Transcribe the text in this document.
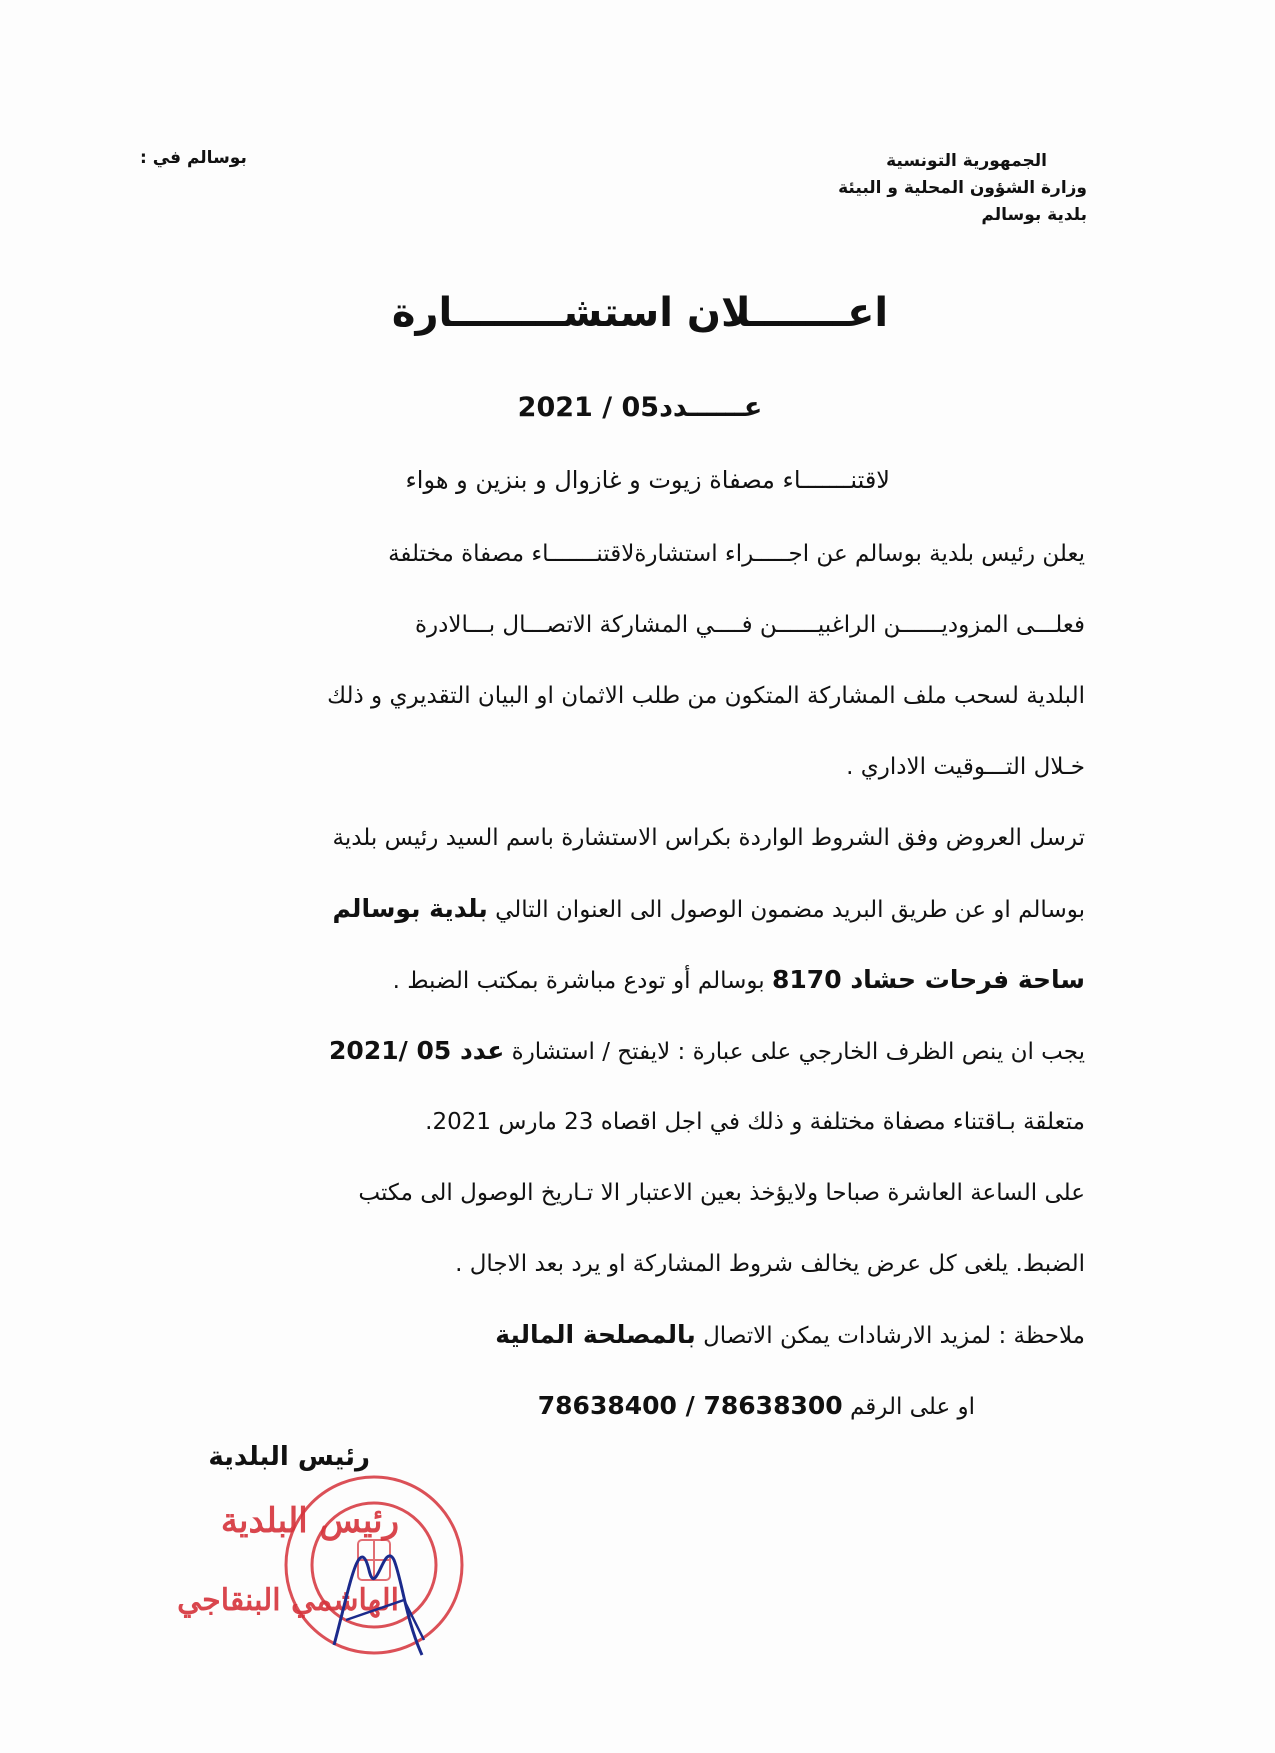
الجمهورية التونسية
وزارة الشؤون المحلية و البيئة
بلدية بوسالم
بوسالم في :
اعـــــــلان استشــــــــارة
عــــــدد05 / 2021
لاقتنـــــــاء مصفاة زيوت و غازوال و بنزين و هواء
يعلن رئيس بلدية بوسالم عن اجـــــراء استشارةلاقتنـــــــاء مصفاة مختلفة
فعلـــى المزوديــــــن الراغبيــــــن فــــي المشاركة الاتصـــال بـــالادرة
البلدية لسحب ملف المشاركة المتكون من طلب الاثمان او البيان التقديري و ذلك
خـلال التـــوقيت الاداري .
ترسل العروض وفق الشروط الواردة بكراس الاستشارة باسم السيد رئيس بلدية
بوسالم او عن طريق البريد مضمون الوصول الى العنوان التالي بلدية بوسالم
ساحة فرحات حشاد 8170 بوسالم أو تودع مباشرة بمكتب الضبط .
يجب ان ينص الظرف الخارجي على عبارة : لايفتح / استشارة عدد 05 /2021
متعلقة بـاقتناء مصفاة مختلفة و ذلك في اجل اقصاه 23 مارس 2021.
على الساعة العاشرة صباحا ولايؤخذ بعين الاعتبار الا تـاريخ الوصول الى مكتب
الضبط. يلغى كل عرض يخالف شروط المشاركة او يرد بعد الاجال .
ملاحظة : لمزيد الارشادات يمكن الاتصال بالمصلحة المالية
او على الرقم 78638300 / 78638400
رئيس البلدية
رئيس البلدية
الهاشمي البنقاجي
